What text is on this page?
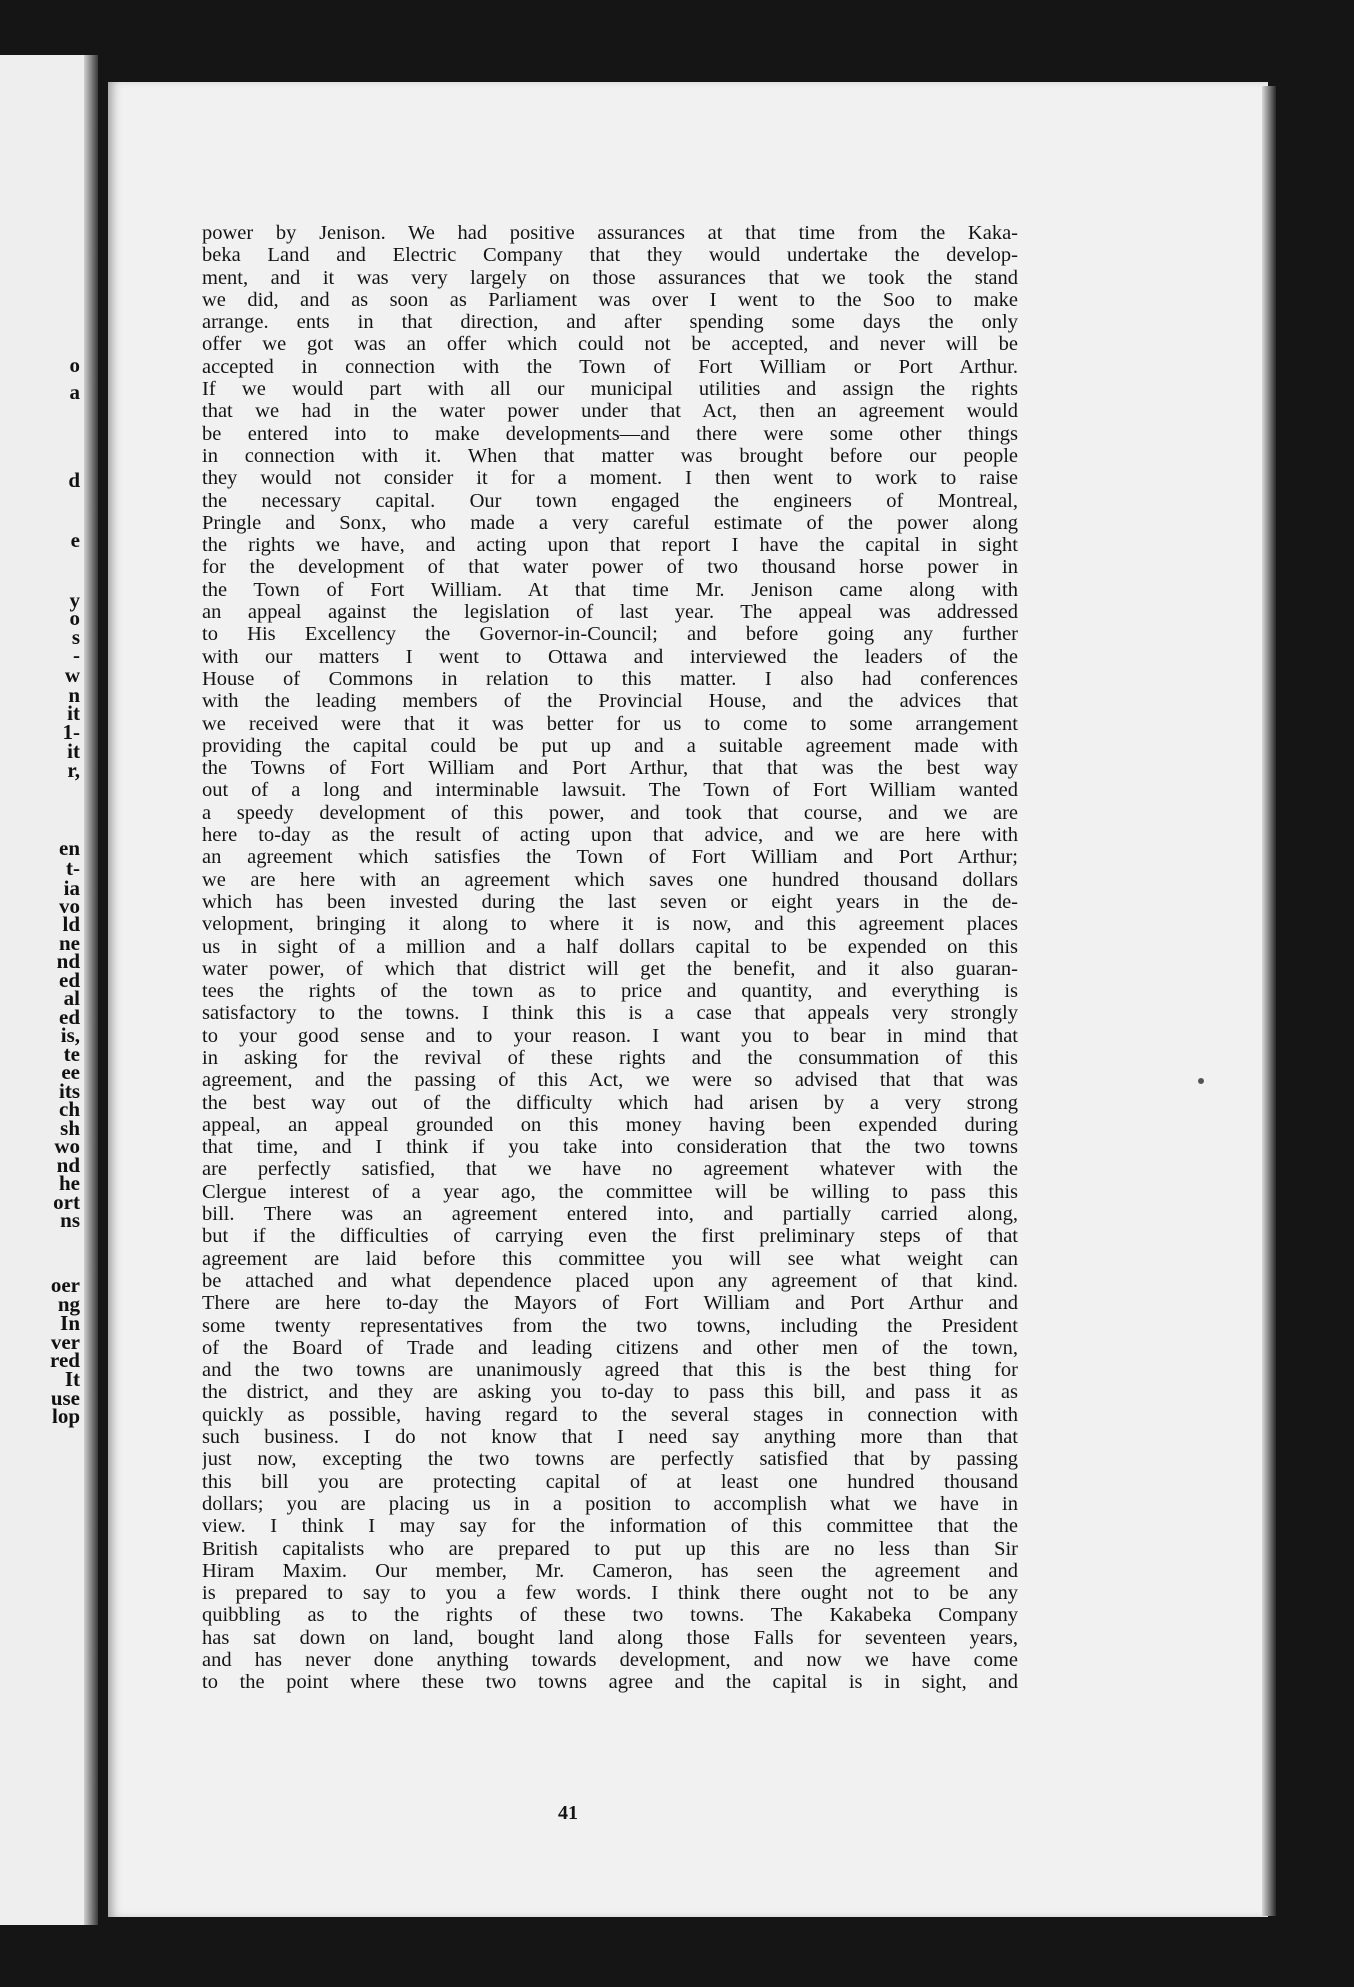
o
a
d
e
y
o
s
-
w
n
it
1-
it
r,
en
t-
ia
vo
ld
ne
nd
ed
al
ed
is,
te
ee
its
ch
sh
wo
nd
he
ort
ns
oer
ng
In
ver
red
It
use
lop
power by Jenison. We had positive assurances at that time from the Kaka-
beka Land and Electric Company that they would undertake the develop-
ment, and it was very largely on those assurances that we took the stand
we did, and as soon as Parliament was over I went to the Soo to make
arrange. ents in that direction, and after spending some days the only
offer we got was an offer which could not be accepted, and never will be
accepted in connection with the Town of Fort William or Port Arthur.
If we would part with all our municipal utilities and assign the rights
that we had in the water power under that Act, then an agreement would
be entered into to make developments—and there were some other things
in connection with it. When that matter was brought before our people
they would not consider it for a moment. I then went to work to raise
the necessary capital. Our town engaged the engineers of Montreal,
Pringle and Sonx, who made a very careful estimate of the power along
the rights we have, and acting upon that report I have the capital in sight
for the development of that water power of two thousand horse power in
the Town of Fort William. At that time Mr. Jenison came along with
an appeal against the legislation of last year. The appeal was addressed
to His Excellency the Governor-in-Council; and before going any further
with our matters I went to Ottawa and interviewed the leaders of the
House of Commons in relation to this matter. I also had conferences
with the leading members of the Provincial House, and the advices that
we received were that it was better for us to come to some arrangement
providing the capital could be put up and a suitable agreement made with
the Towns of Fort William and Port Arthur, that that was the best way
out of a long and interminable lawsuit. The Town of Fort William wanted
a speedy development of this power, and took that course, and we are
here to-day as the result of acting upon that advice, and we are here with
an agreement which satisfies the Town of Fort William and Port Arthur;
we are here with an agreement which saves one hundred thousand dollars
which has been invested during the last seven or eight years in the de-
velopment, bringing it along to where it is now, and this agreement places
us in sight of a million and a half dollars capital to be expended on this
water power, of which that district will get the benefit, and it also guaran-
tees the rights of the town as to price and quantity, and everything is
satisfactory to the towns. I think this is a case that appeals very strongly
to your good sense and to your reason. I want you to bear in mind that
in asking for the revival of these rights and the consummation of this
agreement, and the passing of this Act, we were so advised that that was
the best way out of the difficulty which had arisen by a very strong
appeal, an appeal grounded on this money having been expended during
that time, and I think if you take into consideration that the two towns
are perfectly satisfied, that we have no agreement whatever with the
Clergue interest of a year ago, the committee will be willing to pass this
bill. There was an agreement entered into, and partially carried along,
but if the difficulties of carrying even the first preliminary steps of that
agreement are laid before this committee you will see what weight can
be attached and what dependence placed upon any agreement of that kind.
There are here to-day the Mayors of Fort William and Port Arthur and
some twenty representatives from the two towns, including the President
of the Board of Trade and leading citizens and other men of the town,
and the two towns are unanimously agreed that this is the best thing for
the district, and they are asking you to-day to pass this bill, and pass it as
quickly as possible, having regard to the several stages in connection with
such business. I do not know that I need say anything more than that
just now, excepting the two towns are perfectly satisfied that by passing
this bill you are protecting capital of at least one hundred thousand
dollars; you are placing us in a position to accomplish what we have in
view. I think I may say for the information of this committee that the
British capitalists who are prepared to put up this are no less than Sir
Hiram Maxim. Our member, Mr. Cameron, has seen the agreement and
is prepared to say to you a few words. I think there ought not to be any
quibbling as to the rights of these two towns. The Kakabeka Company
has sat down on land, bought land along those Falls for seventeen years,
and has never done anything towards development, and now we have come
to the point where these two towns agree and the capital is in sight, and
41
